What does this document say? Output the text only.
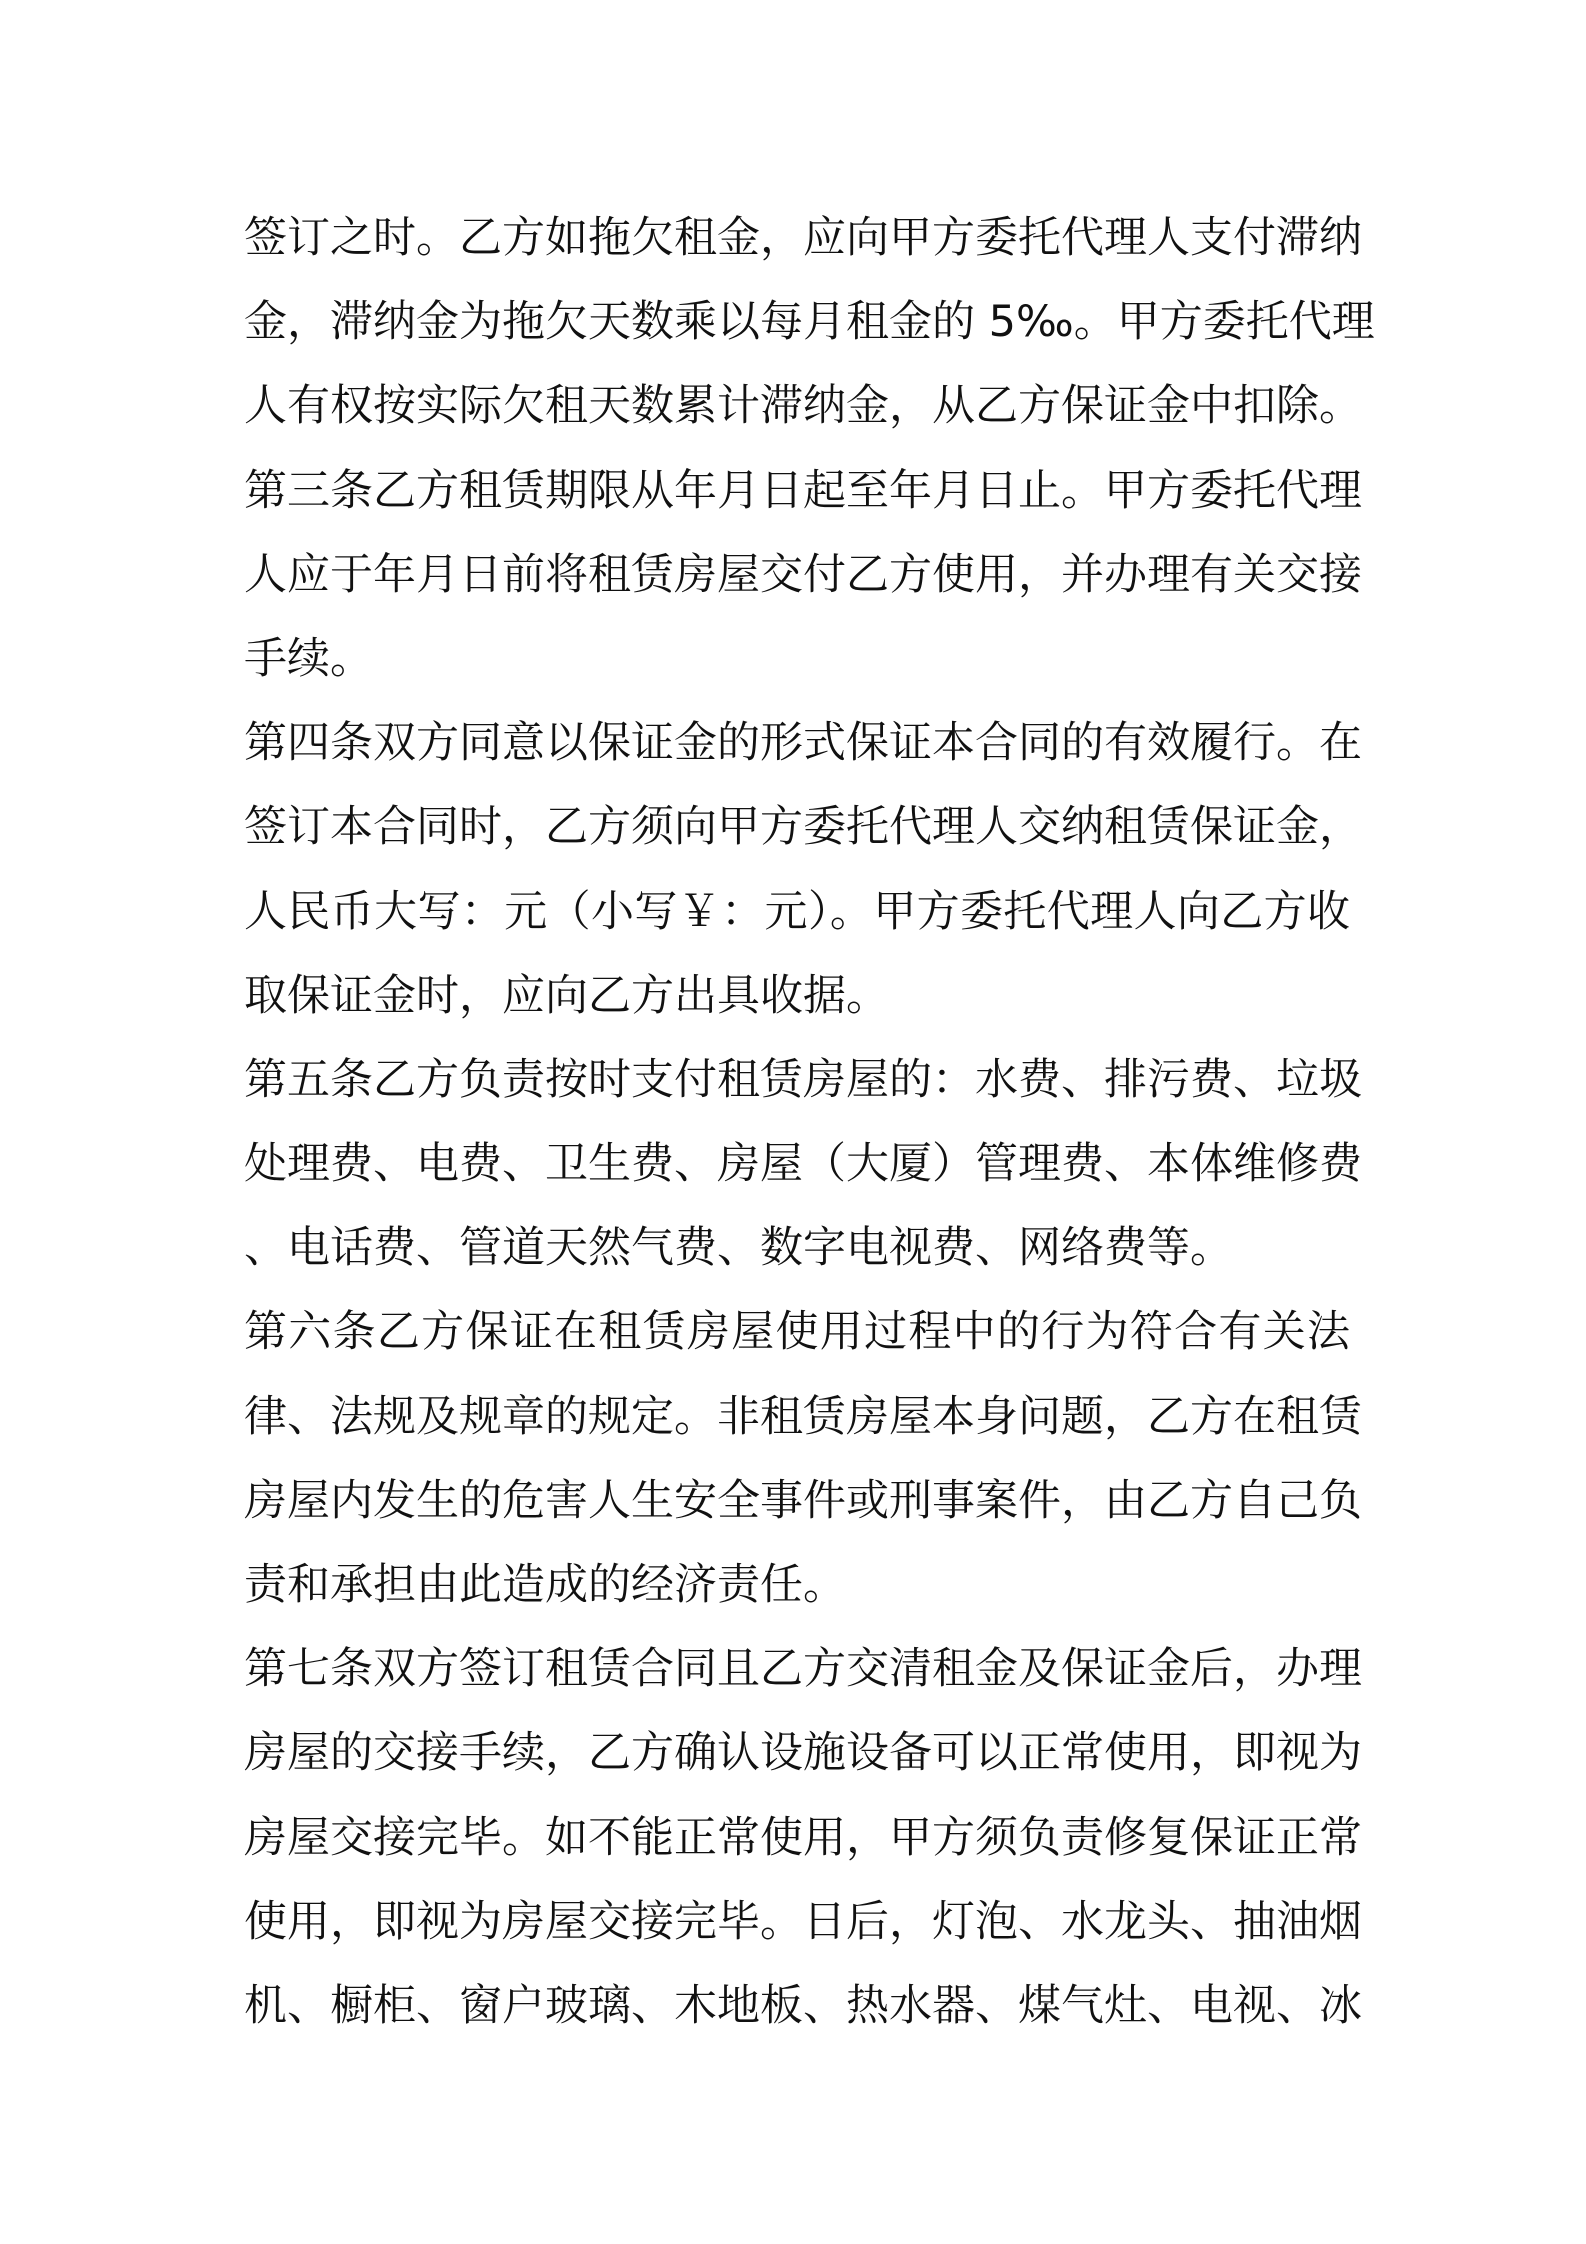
签订之时。乙方如拖欠租金，应向甲方委托代理人支付滞纳
金，滞纳金为拖欠天数乘以每月租金的 5‰。甲方委托代理
人有权按实际欠租天数累计滞纳金，从乙方保证金中扣除。
第三条乙方租赁期限从年月日起至年月日止。甲方委托代理
人应于年月日前将租赁房屋交付乙方使用，并办理有关交接
手续。
第四条双方同意以保证金的形式保证本合同的有效履行。在
签订本合同时，乙方须向甲方委托代理人交纳租赁保证金，
人民币大写：元（小写￥：元）。甲方委托代理人向乙方收
取保证金时，应向乙方出具收据。
第五条乙方负责按时支付租赁房屋的：水费、排污费、垃圾
处理费、电费、卫生费、房屋（大厦）管理费、本体维修费
、电话费、管道天然气费、数字电视费、网络费等。
第六条乙方保证在租赁房屋使用过程中的行为符合有关法
律、法规及规章的规定。非租赁房屋本身问题，乙方在租赁
房屋内发生的危害人生安全事件或刑事案件，由乙方自己负
责和承担由此造成的经济责任。
第七条双方签订租赁合同且乙方交清租金及保证金后，办理
房屋的交接手续，乙方确认设施设备可以正常使用，即视为
房屋交接完毕。如不能正常使用，甲方须负责修复保证正常
使用，即视为房屋交接完毕。日后，灯泡、水龙头、抽油烟
机、橱柜、窗户玻璃、木地板、热水器、煤气灶、电视、冰
